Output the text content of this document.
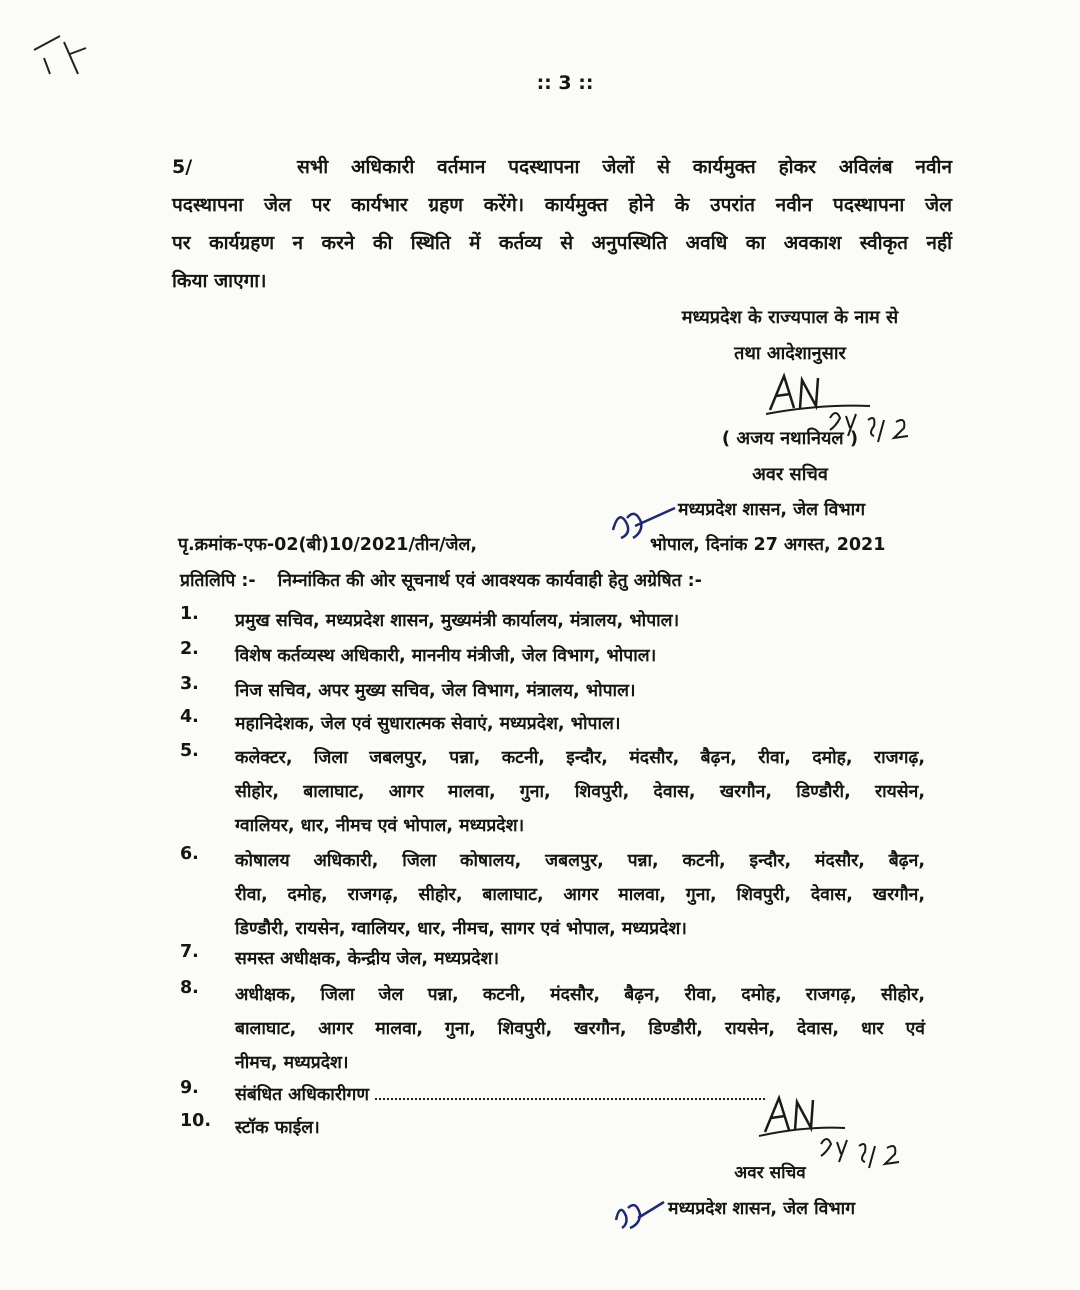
:: 3 ::
5/	सभी अधिकारी वर्तमान पदस्थापना जेलों से कार्यमुक्त होकर अविलंब नवीन
पदस्थापना जेल पर कार्यभार ग्रहण करेंगे। कार्यमुक्त होने के उपरांत नवीन पदस्थापना जेल
पर कार्यग्रहण न करने की स्थिति में कर्तव्य से अनुपस्थिति अवधि का अवकाश स्वीकृत नहीं
किया जाएगा।
मध्यप्रदेश के राज्यपाल के नाम से
तथा आदेशानुसार
( अजय नथानियल )
अवर सचिव
मध्यप्रदेश शासन, जेल विभाग
पृ.क्रमांक-एफ-02(बी)10/2021/तीन/जेल,	भोपाल, दिनांक 27 अगस्त, 2021
प्रतिलिपि :- निम्नांकित की ओर सूचनार्थ एवं आवश्यक कार्यवाही हेतु अग्रेषित :-
1.	प्रमुख सचिव, मध्यप्रदेश शासन, मुख्यमंत्री कार्यालय, मंत्रालय, भोपाल।
2.	विशेष कर्तव्यस्थ अधिकारी, माननीय मंत्रीजी, जेल विभाग, भोपाल।
3.	निज सचिव, अपर मुख्य सचिव, जेल विभाग, मंत्रालय, भोपाल।
4.	महानिदेशक, जेल एवं सुधारात्मक सेवाएं, मध्यप्रदेश, भोपाल।
5.	कलेक्टर, जिला जबलपुर, पन्ना, कटनी, इन्दौर, मंदसौर, बैढ़न, रीवा, दमोह, राजगढ़,
सीहोर, बालाघाट, आगर मालवा, गुना, शिवपुरी, देवास, खरगौन, डिण्डौरी, रायसेन,
ग्वालियर, धार, नीमच एवं भोपाल, मध्यप्रदेश।
6.	कोषालय अधिकारी, जिला कोषालय, जबलपुर, पन्ना, कटनी, इन्दौर, मंदसौर, बैढ़न,
रीवा, दमोह, राजगढ़, सीहोर, बालाघाट, आगर मालवा, गुना, शिवपुरी, देवास, खरगौन,
डिण्डौरी, रायसेन, ग्वालियर, धार, नीमच, सागर एवं भोपाल, मध्यप्रदेश।
7.	समस्त अधीक्षक, केन्द्रीय जेल, मध्यप्रदेश।
8.	अधीक्षक, जिला जेल पन्ना, कटनी, मंदसौर, बैढ़न, रीवा, दमोह, राजगढ़, सीहोर,
बालाघाट, आगर मालवा, गुना, शिवपुरी, खरगौन, डिण्डौरी, रायसेन, देवास, धार एवं
नीमच, मध्यप्रदेश।
9.	संबंधित अधिकारीगण
10.	स्टॉक फाईल।
अवर सचिव
मध्यप्रदेश शासन, जेल विभाग
